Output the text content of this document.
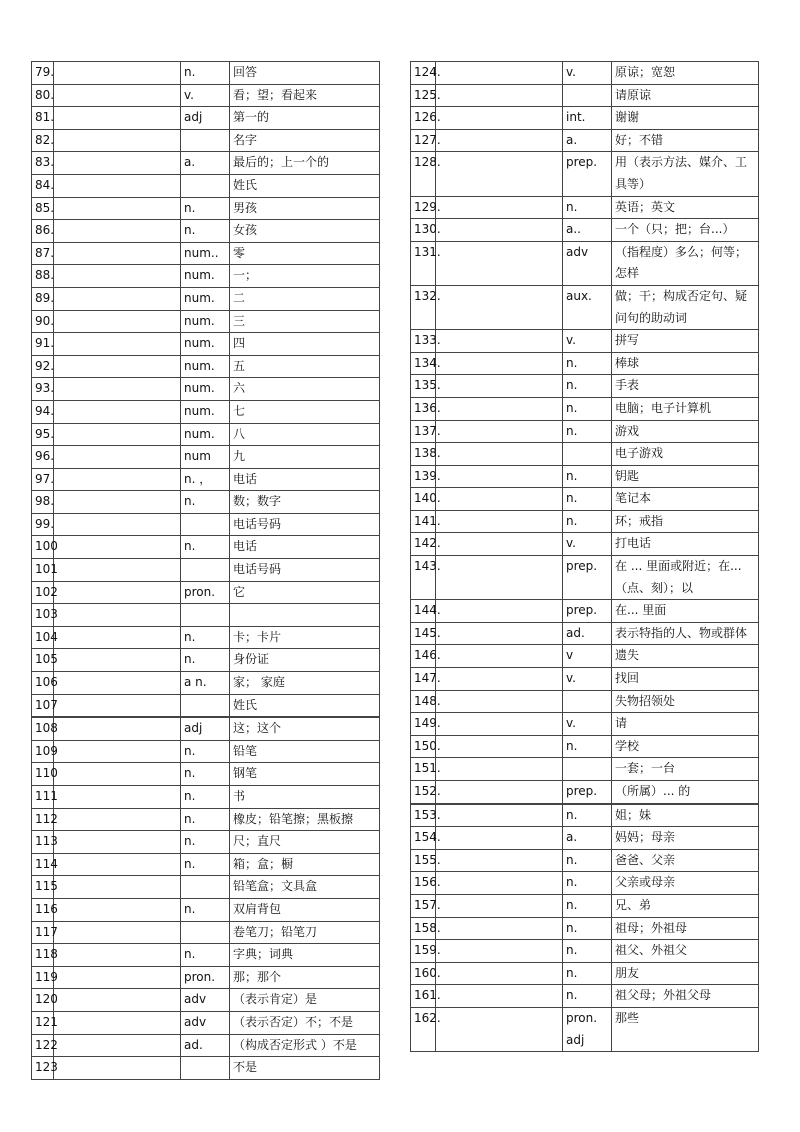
79.		n.	回答
80.		v.	看；望；看起来
81.		adj	第一的
82.			名字
83.		a.	最后的；上一个的
84.			姓氏
85.		n.	男孩
86.		n.	女孩
87.		num..	零
88.		num.	一；
89.		num.	二
90.		num.	三
91.		num.	四
92.		num.	五
93.		num.	六
94.		num.	七
95.		num.	八
96.		num	九
97.		n. ，	电话
98.		n.	数；数字
99.			电话号码
100		n.	电话
101			电话号码
102		pron.	它
103			
104		n.	卡；卡片
105		n.	身份证
106		a n.	家； 家庭
107			姓氏

108		adj	这；这个
109		n.	铅笔
110		n.	钢笔
111		n.	书
112		n.	橡皮；铅笔擦；黑板擦
113		n.	尺；直尺
114		n.	箱；盒；橱
115			铅笔盒；文具盒
116		n.	双肩背包
117			卷笔刀；铅笔刀
118		n.	字典；词典
119		pron.	那；那个
120		adv	（表示肯定）是
121		adv	（表示否定）不；不是
122		ad.	（构成否定形式 ）不是
123			不是
124.		v.	原谅；宽恕
125.			请原谅
126.		int.	谢谢
127.		a.	好；不错
128.		prep.	用（表示方法、媒介、工具等）
129.		n.	英语；英文
130.		a..	一个（只；把；台...）
131.		adv	（指程度）多么；何等；怎样
132.		aux.	做；干；构成否定句、疑问句的助动词
133.		v.	拼写
134.		n.	棒球
135.		n.	手表
136.		n.	电脑；电子计算机
137.		n.	游戏
138.			电子游戏
139.		n.	钥匙
140.		n.	笔记本
141.		n.	环；戒指
142.		v.	打电话
143.		prep.	在 ... 里面或附近；在...（点、刻）；以
144.		prep.	在... 里面
145.		ad.	表示特指的人、物或群体
146.		v	遗失
147.		v.	找回
148.			失物招领处
149.		v.	请
150.		n.	学校
151.			一套；一台
152.		prep.	（所属）... 的

153.		n.	姐；妹
154.		a.	妈妈；母亲
155.		n.	爸爸、父亲
156.		n.	父亲或母亲
157.		n.	兄、弟
158.		n.	祖母；外祖母
159.		n.	祖父、外祖父
160.		n.	朋友
161.		n.	祖父母；外祖父母
162.		pron. adj	那些
